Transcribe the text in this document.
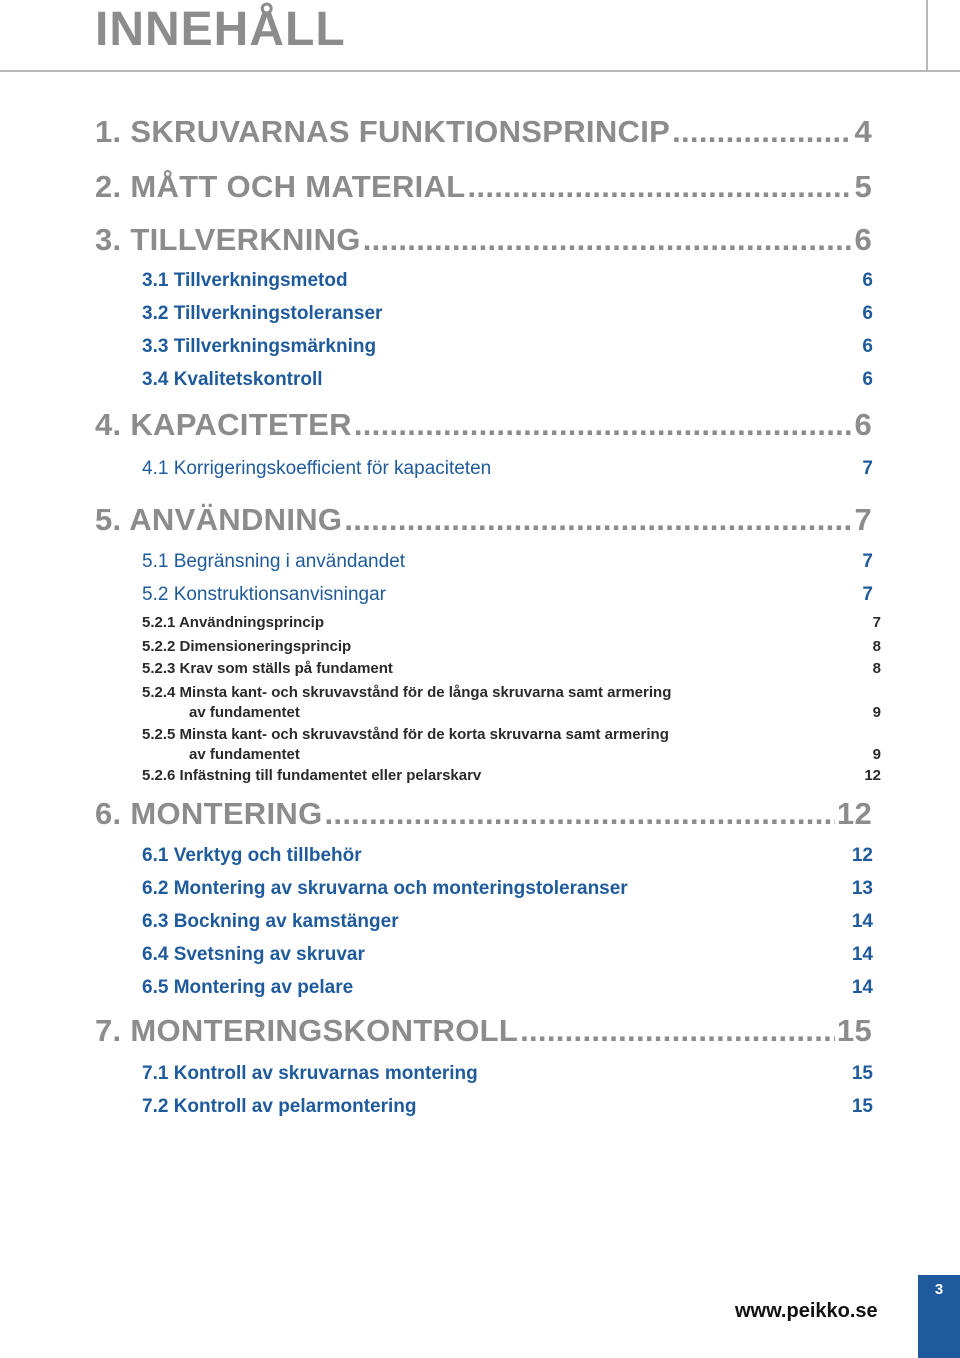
INNEHÅLL
1. SKRUVARNAS FUNKTIONSPRINCIP .....	4
2. MÅTT OCH MATERIAL .....	5
3. TILLVERKNING .....	6
3.1 Tillverkningsmetod	6
3.2 Tillverkningstoleranser	6
3.3 Tillverkningsmärkning	6
3.4 Kvalitetskontroll	6
4. KAPACITETER .....	6
4.1 Korrigeringskoefficient för kapaciteten	7
5. ANVÄNDNING .....	7
5.1 Begränsning i användandet	7
5.2 Konstruktionsanvisningar	7
5.2.1 Användningsprincip	7
5.2.2 Dimensioneringsprincip	8
5.2.3 Krav som ställs på fundament	8
5.2.4 Minsta kant- och skruvavstånd för de långa skruvarna samt armering
av fundamentet	9
5.2.5 Minsta kant- och skruvavstånd för de korta skruvarna samt armering
av fundamentet	9
5.2.6 Infästning till fundamentet eller pelarskarv	12
6. MONTERING .....	12
6.1 Verktyg och tillbehör	12
6.2 Montering av skruvarna och monteringstoleranser	13
6.3 Bockning av kamstänger	14
6.4 Svetsning av skruvar	14
6.5 Montering av pelare	14
7. MONTERINGSKONTROLL .....	15
7.1 Kontroll av skruvarnas montering	15
7.2 Kontroll av pelarmontering	15
www.peikko.se
3
